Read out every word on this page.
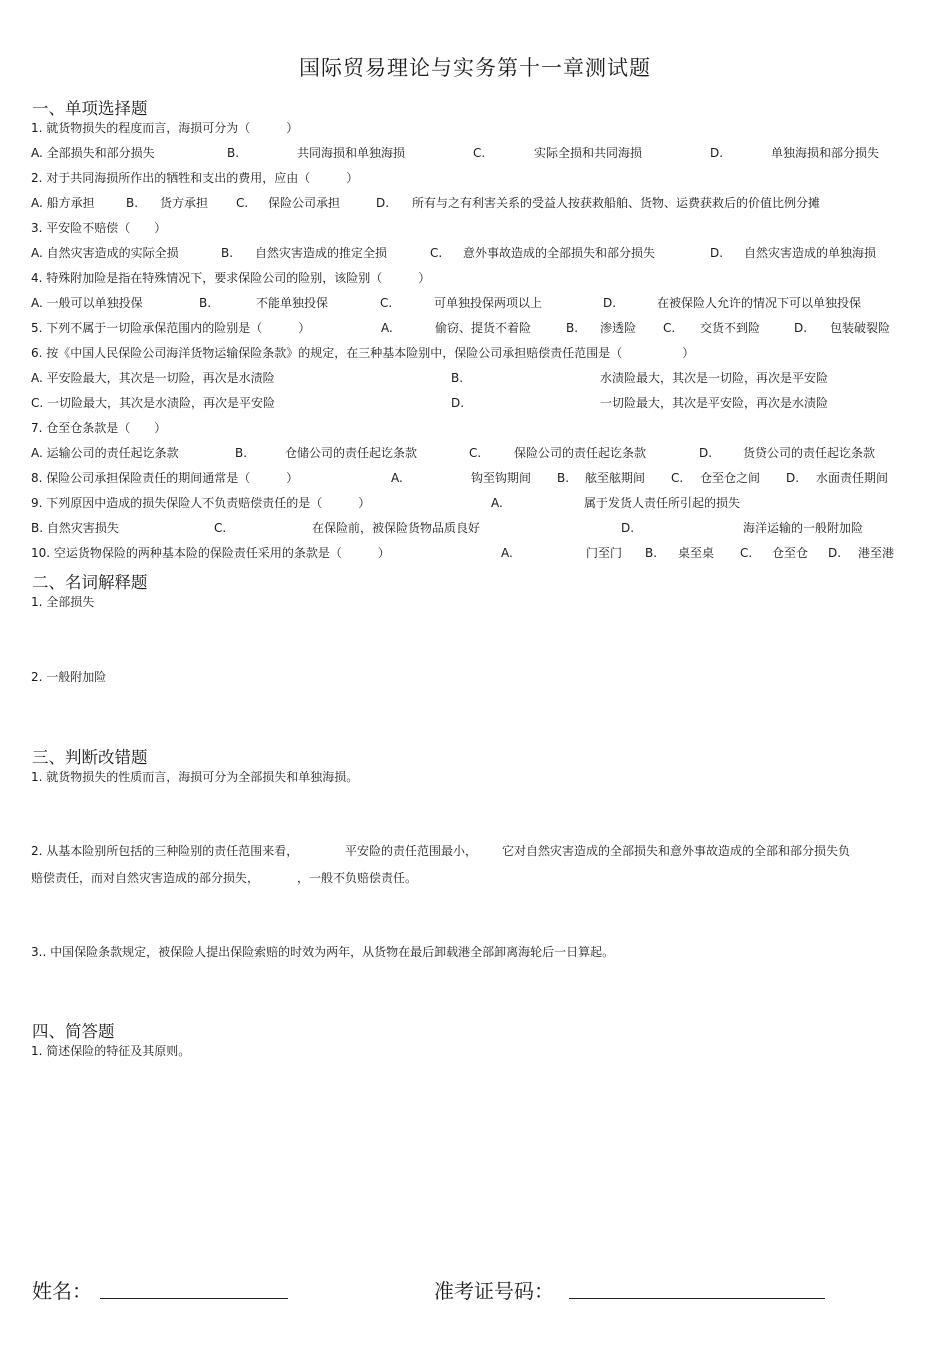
国际贸易理论与实务第十一章测试题
一、单项选择题
1. 就货物损失的程度而言，海损可分为（　　　）
A. 全部损失和部分损失	B.	共同海损和单独海损	C.	实际全损和共同海损	D.	单独海损和部分损失
2. 对于共同海损所作出的牺牲和支出的费用，应由（　　　）
A. 船方承担	B. 货方承担 C. 保险公司承担	D. 所有与之有利害关系的受益人按获救船舶、货物、运费获救后的价值比例分摊
3. 平安险不赔偿（　　）
A. 自然灾害造成的实际全损	B. 自然灾害造成的推定全损	C. 意外事故造成的全部损失和部分损失	D. 自然灾害造成的单独海损
4. 特殊附加险是指在特殊情况下，要求保险公司的险别，该险别（　　　）
A. 一般可以单独投保	B.	不能单独投保	C.	可单独投保两项以上	D.	在被保险人允许的情况下可以单独投保
5. 下列不属于一切险承保范围内的险别是（　　　）	A.	偷窃、提货不着险	B. 渗透险 C. 交货不到险	D. 包装破裂险
6. 按《中国人民保险公司海洋货物运输保险条款》的规定，在三种基本险别中，保险公司承担赔偿责任范围是（　　　　　）
A. 平安险最大，其次是一切险，再次是水渍险	B.	水渍险最大，其次是一切险，再次是平安险
C. 一切险最大，其次是水渍险，再次是平安险	D.	一切险最大，其次是平安险，再次是水渍险
7. 仓至仓条款是（　　）
A. 运输公司的责任起讫条款	B.	仓储公司的责任起讫条款	C.	保险公司的责任起讫条款	D.	货贷公司的责任起讫条款
8. 保险公司承担保险责任的期间通常是（　　　）	A.	钩至钩期间 B. 舷至舷期间 C. 仓至仓之间 D. 水面责任期间
9. 下列原因中造成的损失保险人不负责赔偿责任的是（　　　）	A.	属于发货人责任所引起的损失
B. 自然灾害损失	C.	在保险前，被保险货物品质良好	D.	海洋运输的一般附加险
10. 空运货物保险的两种基本险的保险责任采用的条款是（　　　）	A.	门至门 B. 桌至桌 C. 仓至仓 D. 港至港
二、名词解释题
1. 全部损失
2. 一般附加险
三、判断改错题
1. 就货物损失的性质而言，海损可分为全部损失和单独海损。
2. 从基本险别所包括的三种险别的责任范围来看，	平安险的责任范围最小， 它对自然灾害造成的全部损失和意外事故造成的全部和部分损失负
赔偿责任，而对自然灾害造成的部分损失，	，一般不负赔偿责任。
3.. 中国保险条款规定，被保险人提出保险索赔的时效为两年，从货物在最后卸载港全部卸离海轮后一日算起。
四、简答题
1. 简述保险的特征及其原则。
姓名：	准考证号码：
